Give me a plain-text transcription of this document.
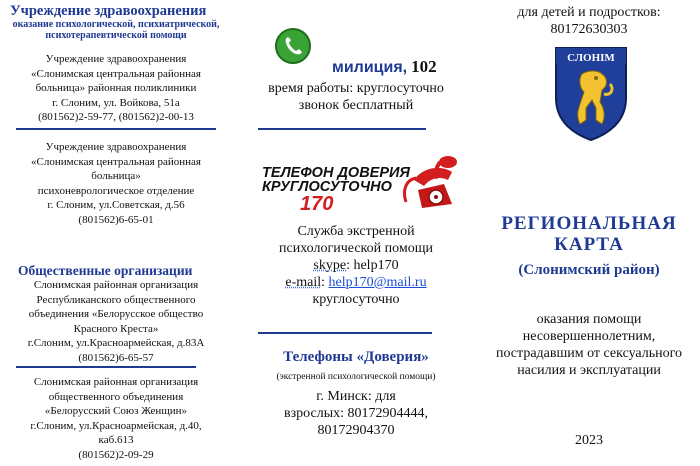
Учреждение здравоохранения
оказание психологической, психиатрической,
психотерапевтической помощи
Учреждение здравоохранения
«Слонимская центральная районная
больница» районная поликлиники
г. Слоним, ул. Войкова, 51а
(801562)2-59-77, (801562)2-00-13
Учреждение здравоохранения
«Слонимская центральная районная
больница»
психоневрологическое отделение
г. Слоним, ул.Советская, д.56
(801562)6-65-01
Общественные организации
Слонимская районная организация
Республиканского общественного
объединения «Белорусское общество
Красного Креста»
г.Слоним, ул.Красноармейская, д.83А
(801562)6-65-57
Слонимская районная организация
общественного объединения
«Белорусский Союз Женщин»
г.Слоним, ул.Красноармейская, д.40,
каб.613
(801562)2-09-29
милиция, 102
время работы: круглосуточно
звонок бесплатный
ТЕЛЕФОН ДОВЕРИЯ
КРУГЛОСУТОЧНО
170
Служба экстренной
психологической помощи
skype: help170
e-mail: help170@mail.ru
круглосуточно
Телефоны «Доверия»
(экстренной психологической помощи)
г. Минск: для
взрослых: 80172904444,
80172904370
для детей и подростков:
80172630303
СЛОНІМ
РЕГИОНАЛЬНАЯ
КАРТА
(Слонимский район)
оказания помощи
несовершеннолетним,
пострадавшим от сексуального
насилия и эксплуатации
2023
